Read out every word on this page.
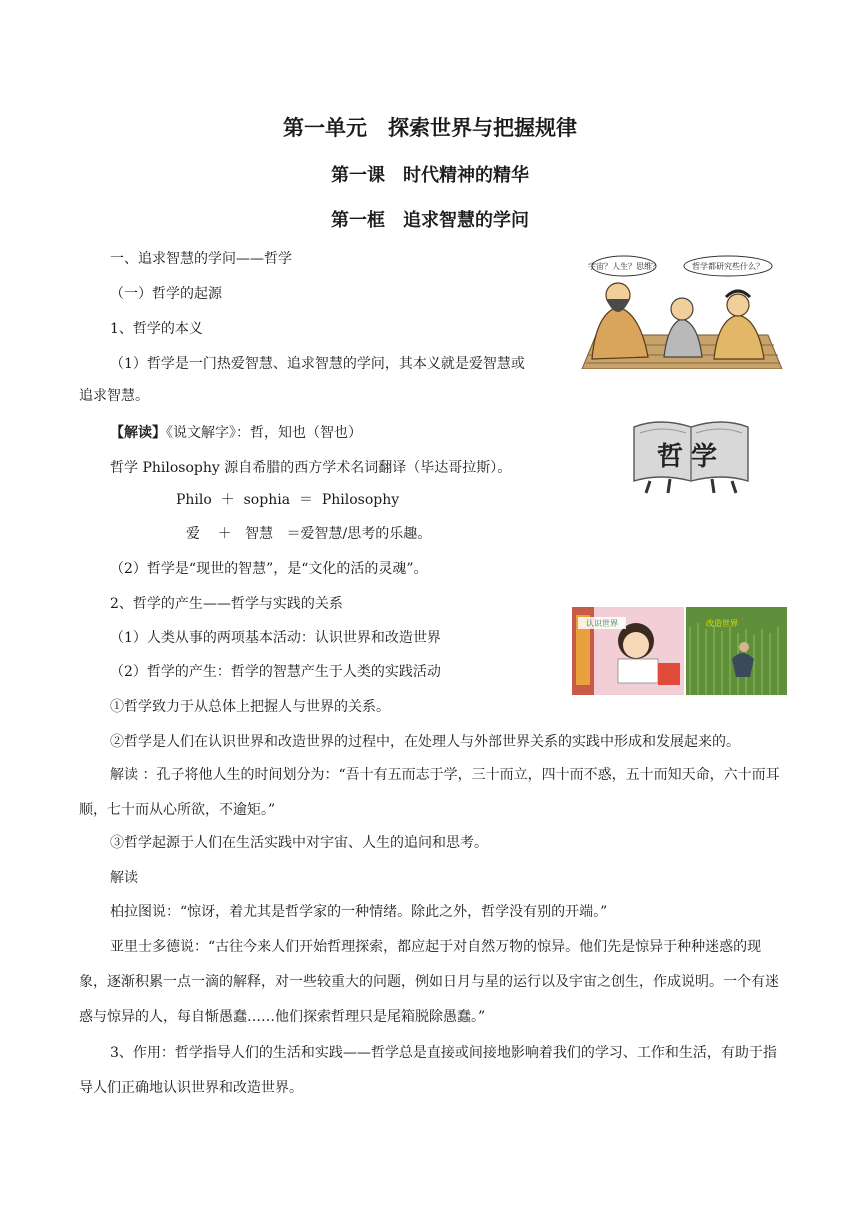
第一单元　探索世界与把握规律
第一课　时代精神的精华
第一框　追求智慧的学问
一、追求智慧的学问——哲学
（一）哲学的起源
1、哲学的本义
（1）哲学是一门热爱智慧、追求智慧的学问，其本义就是爱智慧或
追求智慧。
【解读】《说文解字》：哲，知也（智也）
哲学 Philosophy 源自希腊的西方学术名词翻译（毕达哥拉斯）。
Philo  ＋  sophia  ＝  Philosophy
爱    ＋   智慧   ＝爱智慧/思考的乐趣。
（2）哲学是“现世的智慧”，是“文化的活的灵魂”。
2、哲学的产生——哲学与实践的关系
（1）人类从事的两项基本活动：认识世界和改造世界
（2）哲学的产生：哲学的智慧产生于人类的实践活动
①哲学致力于从总体上把握人与世界的关系。
②哲学是人们在认识世界和改造世界的过程中，在处理人与外部世界关系的实践中形成和发展起来的。
解读 ：孔子将他人生的时间划分为：“吾十有五而志于学，三十而立，四十而不惑，五十而知天命，六十而耳顺，七十而从心所欲，不逾矩。”
③哲学起源于人们在生活实践中对宇宙、人生的追问和思考。
解读
柏拉图说：“惊讶，着尤其是哲学家的一种情绪。除此之外，哲学没有别的开端。”
亚里士多德说：“古往今来人们开始哲理探索，都应起于对自然万物的惊异。他们先是惊异于种种迷惑的现象，逐渐积累一点一滴的解释，对一些较重大的问题，例如日月与星的运行以及宇宙之创生，作成说明。一个有迷惑与惊异的人，每自惭愚蠢……他们探索哲理只是尾箱脱除愚蠢。”
3、作用：哲学指导人们的生活和实践——哲学总是直接或间接地影响着我们的学习、工作和生活，有助于指导人们正确地认识世界和改造世界。
宇宙？人生？思维？	哲学都研究些什么？
哲学
认识世界	改造世界
